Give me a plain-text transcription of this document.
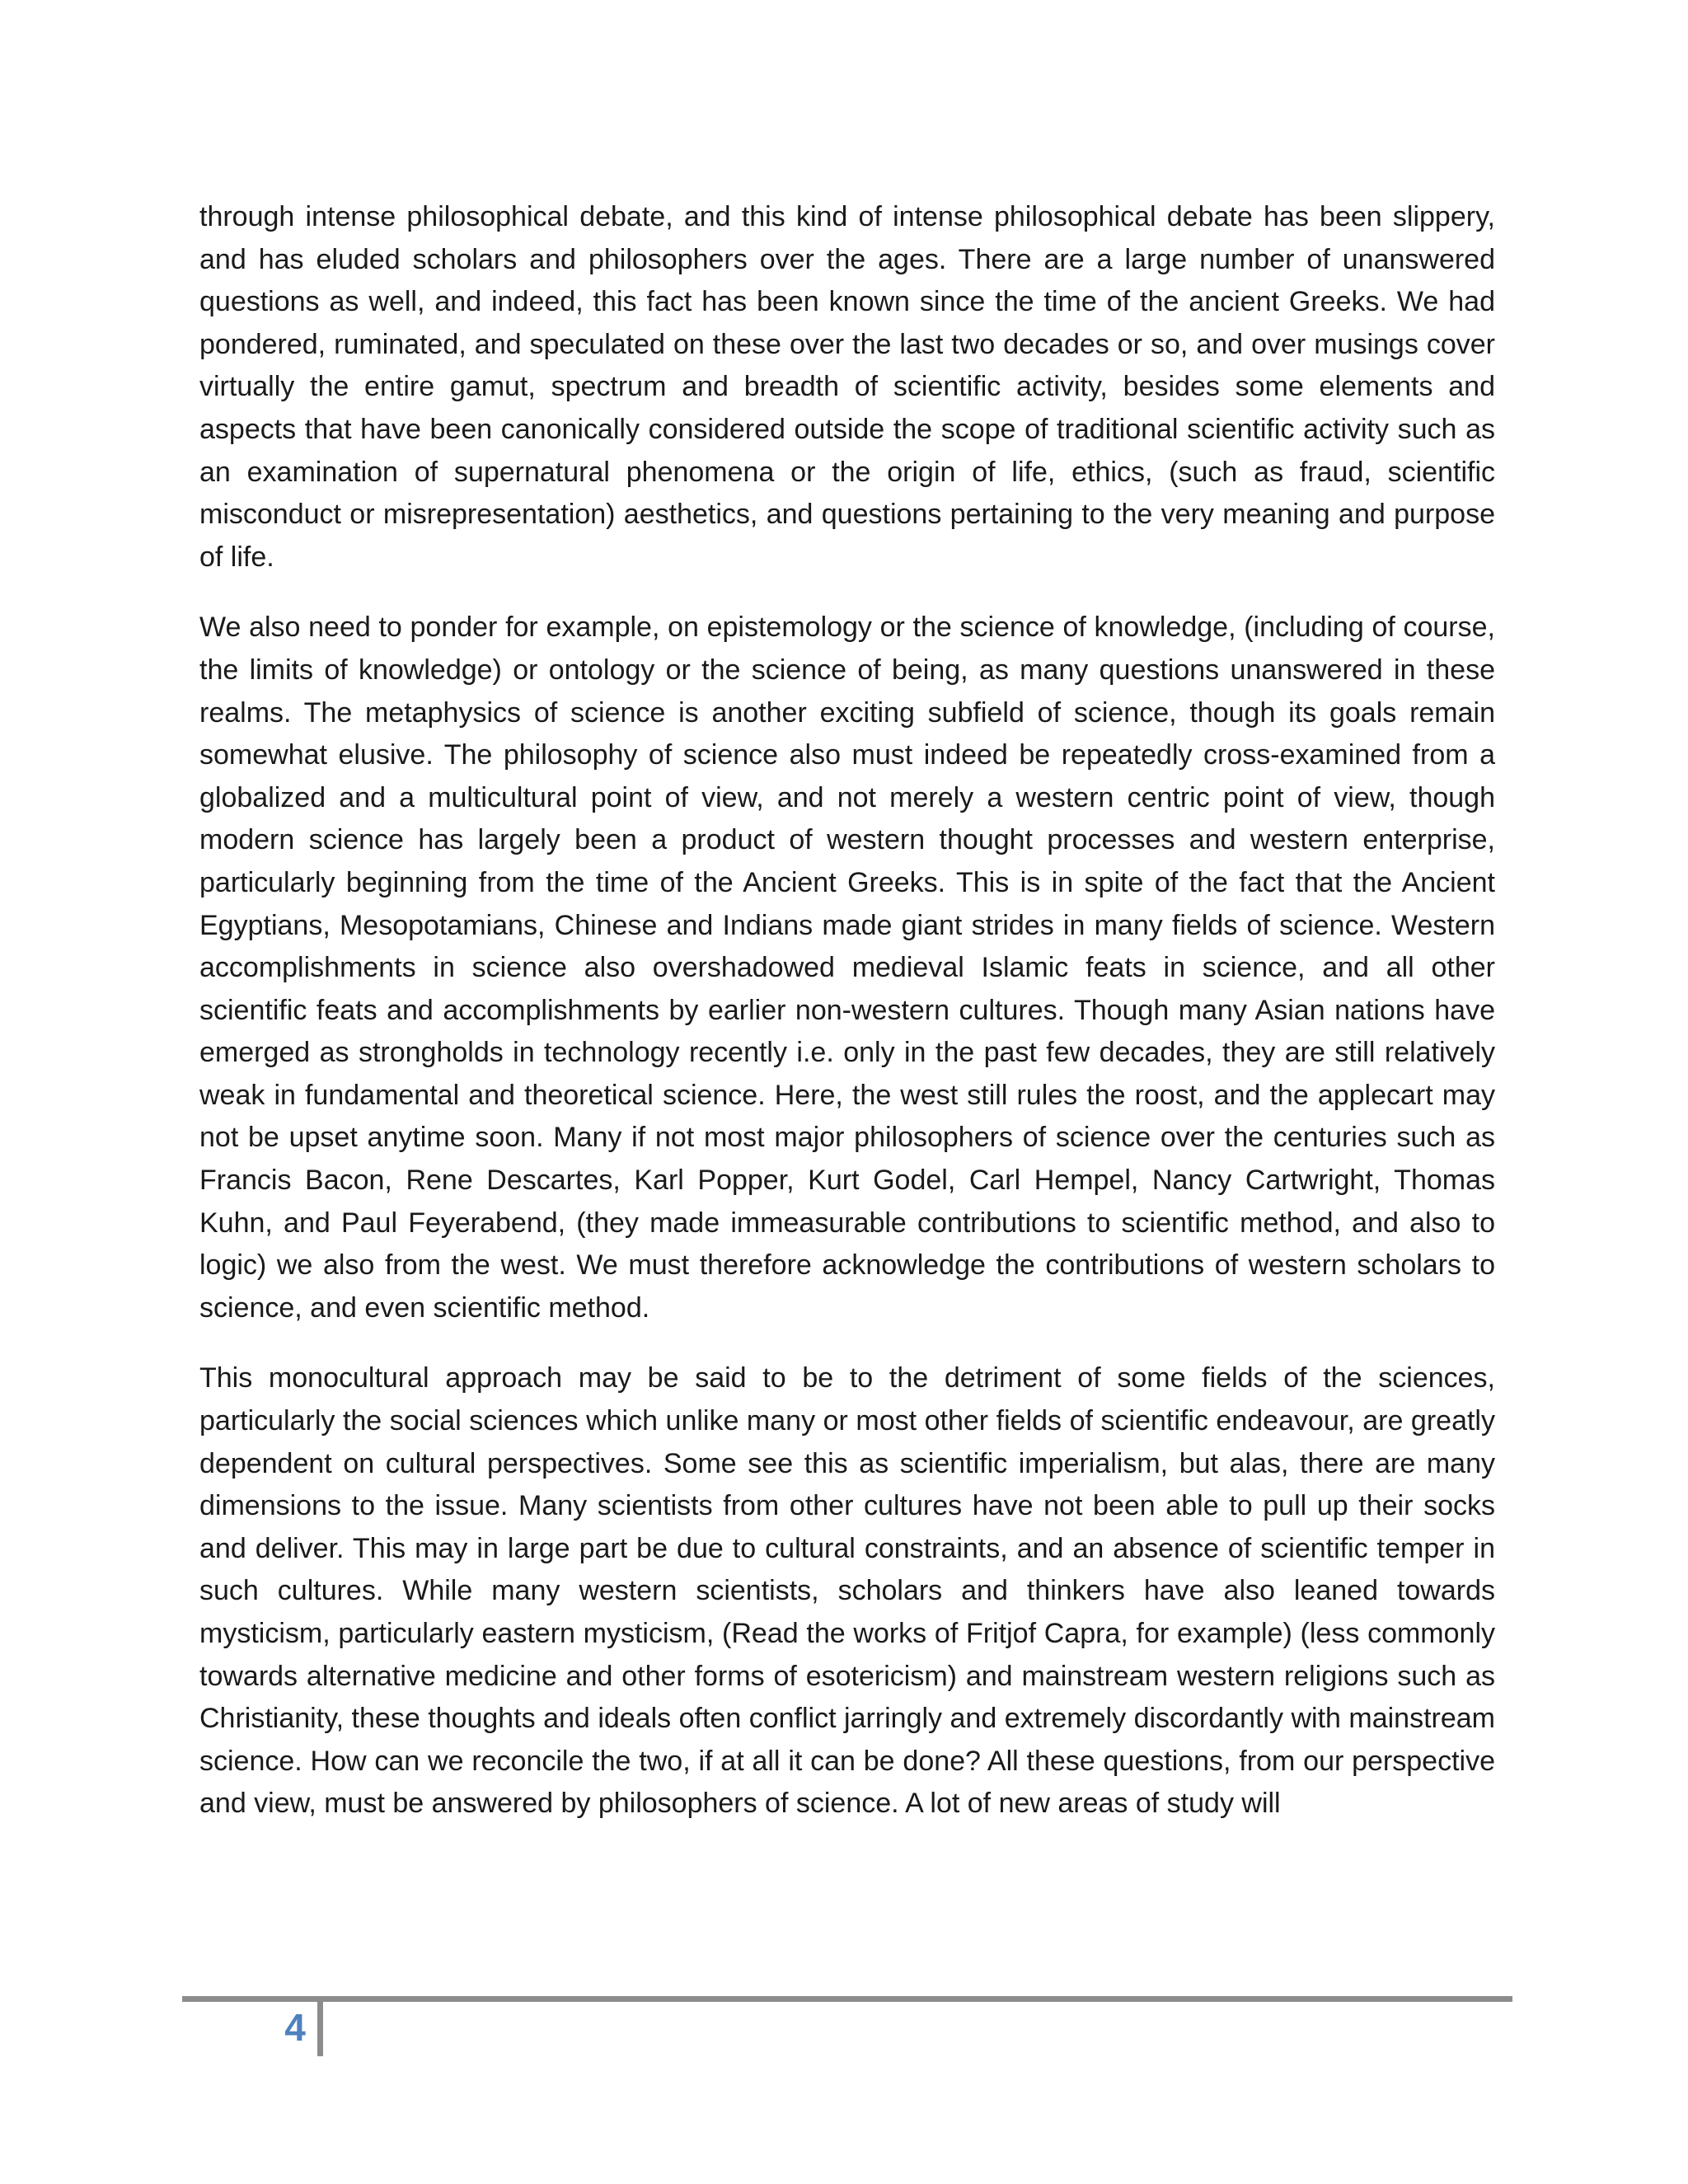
through intense philosophical debate, and this kind of intense philosophical debate has been slippery, and has eluded scholars and philosophers over the ages. There are a large number of unanswered questions as well, and indeed, this fact has been known since the time of the ancient Greeks. We had pondered, ruminated, and speculated on these over the last two decades or so, and over musings cover virtually the entire gamut, spectrum and breadth of scientific activity, besides some elements and aspects that have been canonically considered outside the scope of traditional scientific activity such as an examination of supernatural phenomena or the origin of life, ethics, (such as fraud, scientific misconduct or misrepresentation) aesthetics, and questions pertaining to the very meaning and purpose of life.

We also need to ponder for example, on epistemology or the science of knowledge, (including of course, the limits of knowledge) or ontology or the science of being, as many questions unanswered in these realms. The metaphysics of science is another exciting subfield of science, though its goals remain somewhat elusive. The philosophy of science also must indeed be repeatedly cross-examined from a globalized and a multicultural point of view, and not merely a western centric point of view, though modern science has largely been a product of western thought processes and western enterprise, particularly beginning from the time of the Ancient Greeks. This is in spite of the fact that the Ancient Egyptians, Mesopotamians, Chinese and Indians made giant strides in many fields of science. Western accomplishments in science also overshadowed medieval Islamic feats in science, and all other scientific feats and accomplishments by earlier non-western cultures. Though many Asian nations have emerged as strongholds in technology recently i.e. only in the past few decades, they are still relatively weak in fundamental and theoretical science. Here, the west still rules the roost, and the applecart may not be upset anytime soon. Many if not most major philosophers of science over the centuries such as Francis Bacon, Rene Descartes, Karl Popper, Kurt Godel, Carl Hempel, Nancy Cartwright, Thomas Kuhn, and Paul Feyerabend, (they made immeasurable contributions to scientific method, and also to logic) we also from the west. We must therefore acknowledge the contributions of western scholars to science, and even scientific method.

This monocultural approach may be said to be to the detriment of some fields of the sciences, particularly the social sciences which unlike many or most other fields of scientific endeavour, are greatly dependent on cultural perspectives. Some see this as scientific imperialism, but alas, there are many dimensions to the issue. Many scientists from other cultures have not been able to pull up their socks and deliver. This may in large part be due to cultural constraints, and an absence of scientific temper in such cultures. While many western scientists, scholars and thinkers have also leaned towards mysticism, particularly eastern mysticism, (Read the works of Fritjof Capra, for example) (less commonly towards alternative medicine and other forms of esotericism) and mainstream western religions such as Christianity, these thoughts and ideals often conflict jarringly and extremely discordantly with mainstream science. How can we reconcile the two, if at all it can be done? All these questions, from our perspective and view, must be answered by philosophers of science. A lot of new areas of study will

4
